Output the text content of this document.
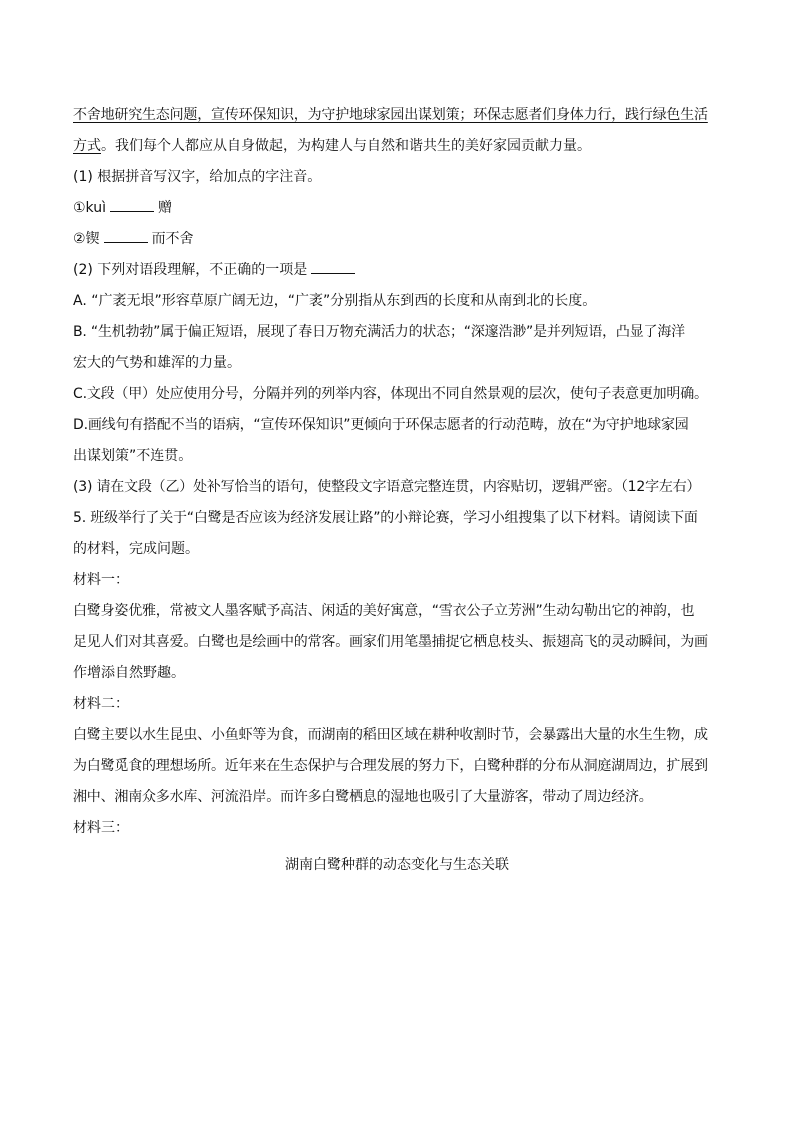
不舍地研究生态问题，宣传环保知识，为守护地球家园出谋划策；环保志愿者们身体力行，践行绿色生活
方式。我们每个人都应从自身做起，为构建人与自然和谐共生的美好家园贡献力量。
(1) 根据拼音写汉字，给加点的字注音。
①kuì	赠
②锲	而不舍
(2) 下列对语段理解，不正确的一项是
A. “广袤无垠”形容草原广阔无边，“广袤”分别指从东到西的长度和从南到北的长度。
B. “生机勃勃”属于偏正短语，展现了春日万物充满活力的状态；“深邃浩渺”是并列短语，凸显了海洋
宏大的气势和雄浑的力量。
C.文段（甲）处应使用分号，分隔并列的列举内容，体现出不同自然景观的层次，使句子表意更加明确。
D.画线句有搭配不当的语病，“宣传环保知识”更倾向于环保志愿者的行动范畴，放在“为守护地球家园
出谋划策”不连贯。
(3) 请在文段（乙）处补写恰当的语句，使整段文字语意完整连贯，内容贴切，逻辑严密。（12字左右）
5. 班级举行了关于“白鹭是否应该为经济发展让路”的小辩论赛，学习小组搜集了以下材料。请阅读下面
的材料，完成问题。
材料一：
白鹭身姿优雅，常被文人墨客赋予高洁、闲适的美好寓意，“雪衣公子立芳洲”生动勾勒出它的神韵，也
足见人们对其喜爱。白鹭也是绘画中的常客。画家们用笔墨捕捉它栖息枝头、振翅高飞的灵动瞬间，为画
作增添自然野趣。
材料二：
白鹭主要以水生昆虫、小鱼虾等为食，而湖南的稻田区域在耕种收割时节，会暴露出大量的水生生物，成
为白鹭觅食的理想场所。近年来在生态保护与合理发展的努力下，白鹭种群的分布从洞庭湖周边，扩展到
湘中、湘南众多水库、河流沿岸。而许多白鹭栖息的湿地也吸引了大量游客，带动了周边经济。
材料三：
湖南白鹭种群的动态变化与生态关联
